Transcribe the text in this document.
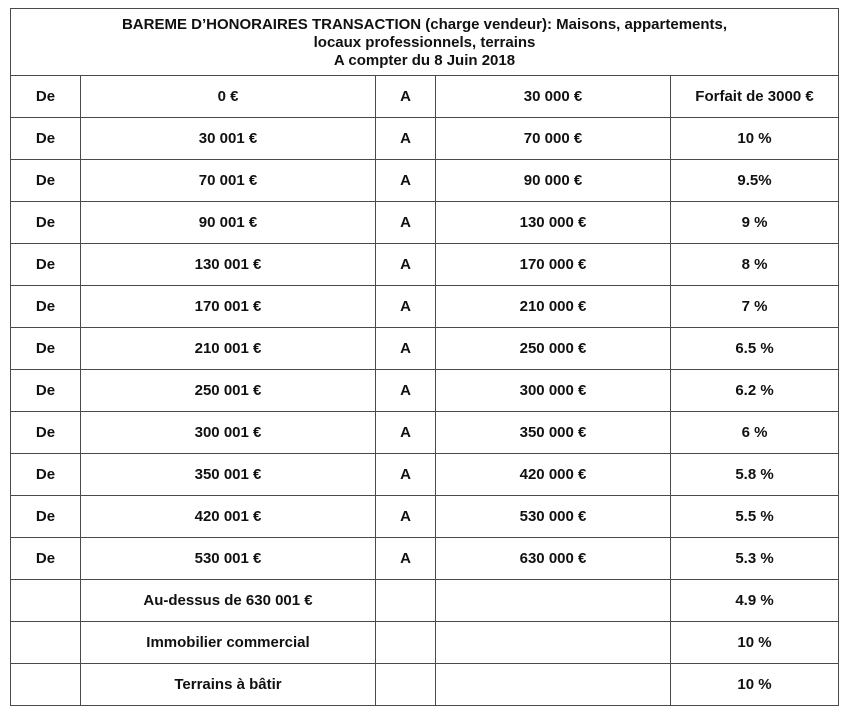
BAREME D’HONORAIRES TRANSACTION (charge vendeur): Maisons, appartements,
locaux professionnels, terrains
A compter du 8 Juin 2018				

De	0 €	A	30 000 €	Forfait de 3000 €
De	30 001 €	A	70 000 €	10 %
De	70 001 €	A	90 000 €	9.5%
De	90 001 €	A	130 000 €	9 %
De	130 001 €	A	170 000 €	8 %
De	170 001 €	A	210 000 €	7 %
De	210 001 €	A	250 000 €	6.5 %
De	250 001 €	A	300 000 €	6.2 %
De	300 001 €	A	350 000 €	6 %
De	350 001 €	A	420 000 €	5.8 %
De	420 001 €	A	530 000 €	5.5 %
De	530 001 €	A	630 000 €	5.3 %
	Au-dessus de 630 001 €			4.9 %
	Immobilier commercial			10 %
	Terrains à bâtir			10 %
